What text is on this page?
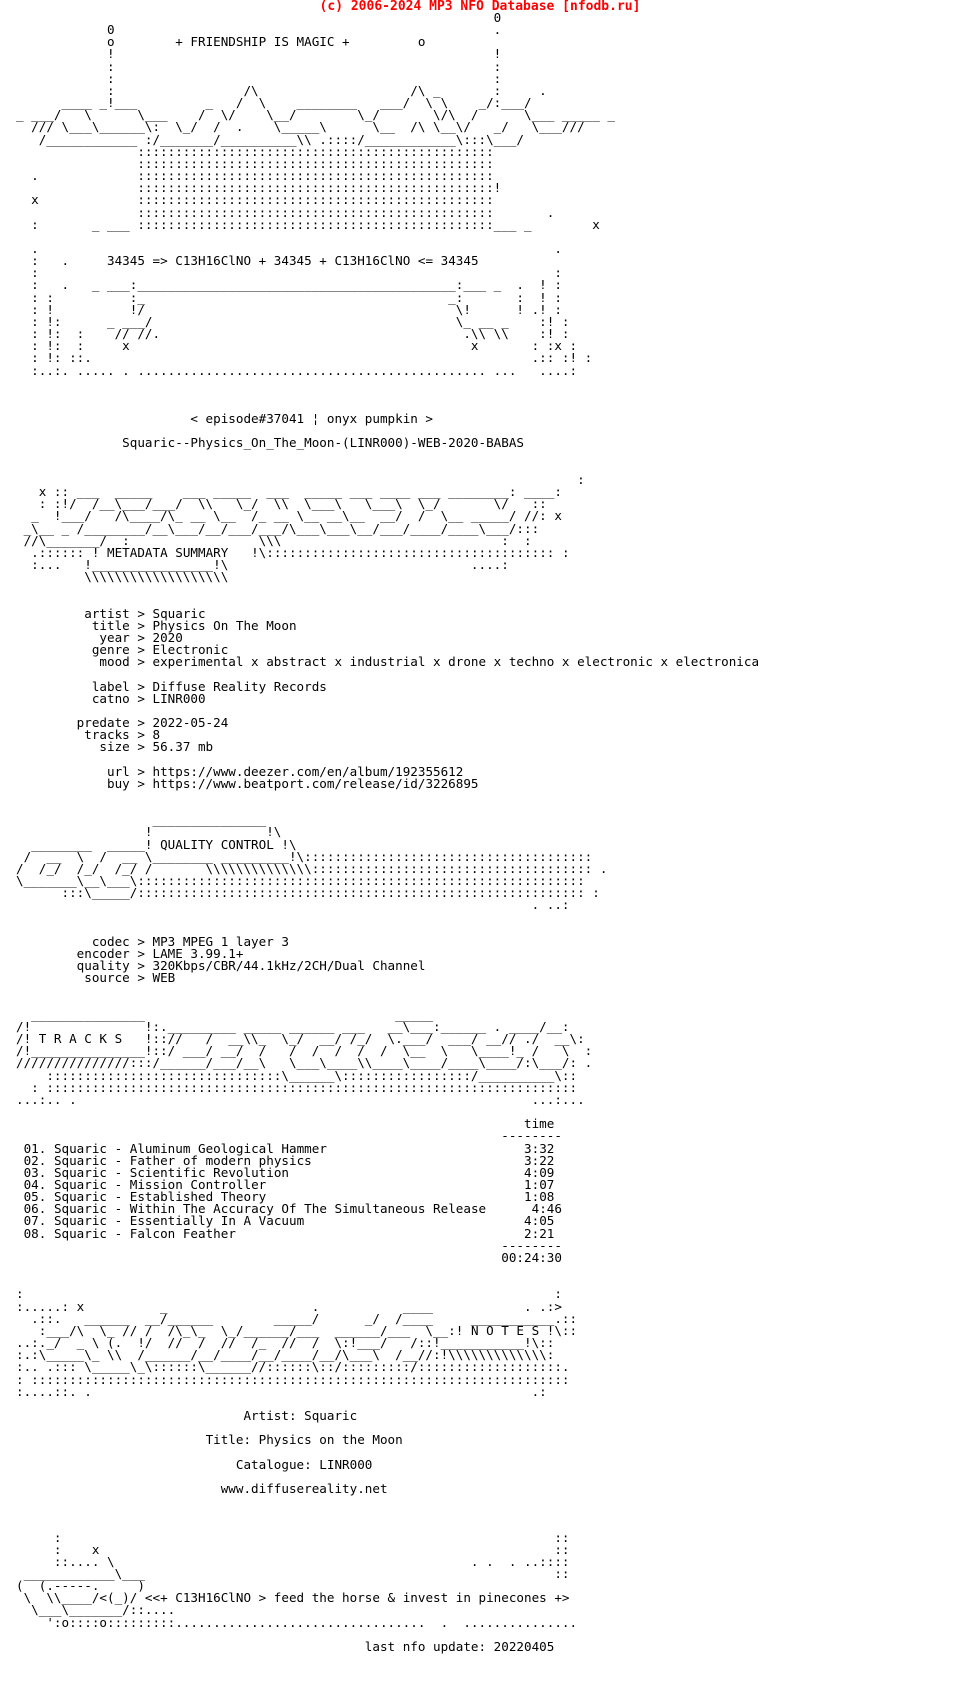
(c) 2006-2024 MP3 NFO Database [nfodb.ru]
0
0                                                  .
o	+ FRIENDSHIP IS MAGIC +	o
!                                                  !
:                                                  :
:                                                  :
:                 /\                    /\ _       :     .
____ _!___         _   /  \    ________   ___/  \ \    _/:___/
_ ___/   \      \___    /  \/    \__/        \_/       \/\  /      \___ _____ _
/// \___\______\:  \_/  /  .    \_____\      \__  /\ \__\/   _/   \___///
/____________ :/_______/__________\\ .::::/____________\:::\___/
:::::::::::::::::::::::::::::::::::::::::::::::
:::::::::::::::::::::::::::::::::::::::::::::::
.             :::::::::::::::::::::::::::::::::::::::::::::::
:::::::::::::::::::::::::::::::::::::::::::::::!
x             :::::::::::::::::::::::::::::::::::::::::::::::
:::::::::::::::::::::::::::::::::::::::::::::::       .
:       _ ___ :::::::::::::::::::::::::::::::::::::::::::::::___ _        x

.                                                                    .
:   .	34345 => C13H16ClNO + 34345 + C13H16ClNO <= 34345
:                                                                    :
:   .   _ ___:__________________________________________:___ _  .  ! :
: :          :_                                        _:       :  ! :
: !          !/                                         \!      ! .! :
: !:      _ ___/                                        \_ __ _    :! :
: !:  :    // //.                                        .\\ \\    :! :
: !:  :     x                                             x       : :x :
: !: ::.                                                          .:: :! :
:..:. ..... . .............................................. ...   ....:

< episode#37041 ¦ onyx pumpkin >

Squaric--Physics_On_The_Moon-(LINR000)-WEB-2020-BABAS

:
x :: ___  _____    ___ _____  ___  _____ ___ ____ ___ ________: ____:
: :!/  /__\___/___/  \\   \_/  \\  \___\   \___\  \_/       \/   ::
_  !___/   /\____/\_ __ \__  /_ __ \__ __\__  __/  /  \__ _____/ //: x
_\__ _ /________/__\___/__/___/___/\___\___\__/___/____/____\___/:::
//\_______/  :                 \\\                             :  :
.:::::: ! METADATA SUMMARY   !\:::::::::::::::::::::::::::::::::::::: :
:...   !________________!\                                ....:
\\\\\\\\\\\\\\\\\\\

artist > Squaric
title > Physics On The Moon
year > 2020
genre > Electronic
mood > experimental x abstract x industrial x drone x techno x electronic x electronica

label > Diffuse Reality Records
catno > LINR000

predate > 2022-05-24
tracks > 8
size > 56.37 mb

url > https://www.deezer.com/en/album/192355612
buy > https://www.beatport.com/release/id/3226895

_______________
!               !\
________  _____! QUALITY CONTROL !\
/  __  \  /  __ \________ _________!\::::::::::::::::::::::::::::::::::::::
/  /_/  /_/  /_/ /       \\\\\\\\\\\\\\::::::::::::::::::::::::::::::::::::: .
\_______\__\___\:::::::::::::::::::::::::::::::::::::::::::::::::::::::::::
:::\_____/::::::::::::::::::::::::::::::::::::::::::::::::::::::::::: :
. ..:

codec > MP3 MPEG 1 layer 3
encoder > LAME 3.99.1+
quality > 320Kbps/CBR/44.1kHz/2CH/Dual Channel
source > WEB

_______________                                 _____
/!               !:._________ _____ ______ ___   __\___:______ . ____/__:
/! T R A C K S   !:://   /  __\\_  \_/  __/ /_/  \.___/  ___/ __// ./  __\:
/!_______________!::/ ___/ __/  /   /  /  /  /  /  \__  \   \____!_ /   \  :
///////////////:::/______/___/__\   \___\____\\____\____/____\____/:\___/: .
:::::::::::::::::::::::::::::::\______\:::::::::::::::::/__________\::
: ::::::::::::::::::::::::::::::::::::::::::::::::::::::::::::::::::::::
...:.. .                                                            ...:...

time
--------
01. Squaric - Aluminum Geological Hammer	3:32
02. Squaric - Father of modern physics	3:22
03. Squaric - Scientific Revolution	4:09
04. Squaric - Mission Controller	1:07
05. Squaric - Established Theory	1:08
06. Squaric - Within The Accuracy Of The Simultaneous Release	4:46
07. Squaric - Essentially In A Vacuum	4:05
08. Squaric - Falcon Feather	2:21
--------
00:24:30

:                                                                      :
:.....: x          _                   .           ____            . .:>
.::.   ______  __/______        _____/      _/  /____     ___________.::
:___/\  \_ // /  /\_\_  \_/______/___  ______/___  \__:! N O T E S !\::
..:._/  _ \ (.  !/  //  /  //  /_  //  /  \:!___/   /::!___________!\::
:.:\_____\_ \\  /______/__/____/__/____/__/\___\  /__//:!\\\\\\\\\\\\\:
:.. .::: \_____\_\::::::\______//::::::\::/:::::::::/:::::::::::::::::::.
: :::::::::::::::::::::::::::::::::::::::::::::::::::::::::::::::::::::::
:....::. .                                                          .:

Artist: Squaric

Title: Physics on the Moon

Catalogue: LINR000

www.diffusereality.net

:                                                                 ::
:    x                                                            ::
::.... \                                               . .  . ..::::
____________\___                                                      ::
(  (.-----.     )
\  \\____/<(_)/ <<+ C13H16ClNO > feed the horse & invest in pinecones +>
\___\_______/::....
':o::::o:::::::::.................................  .  ...............

last nfo update: 20220405
